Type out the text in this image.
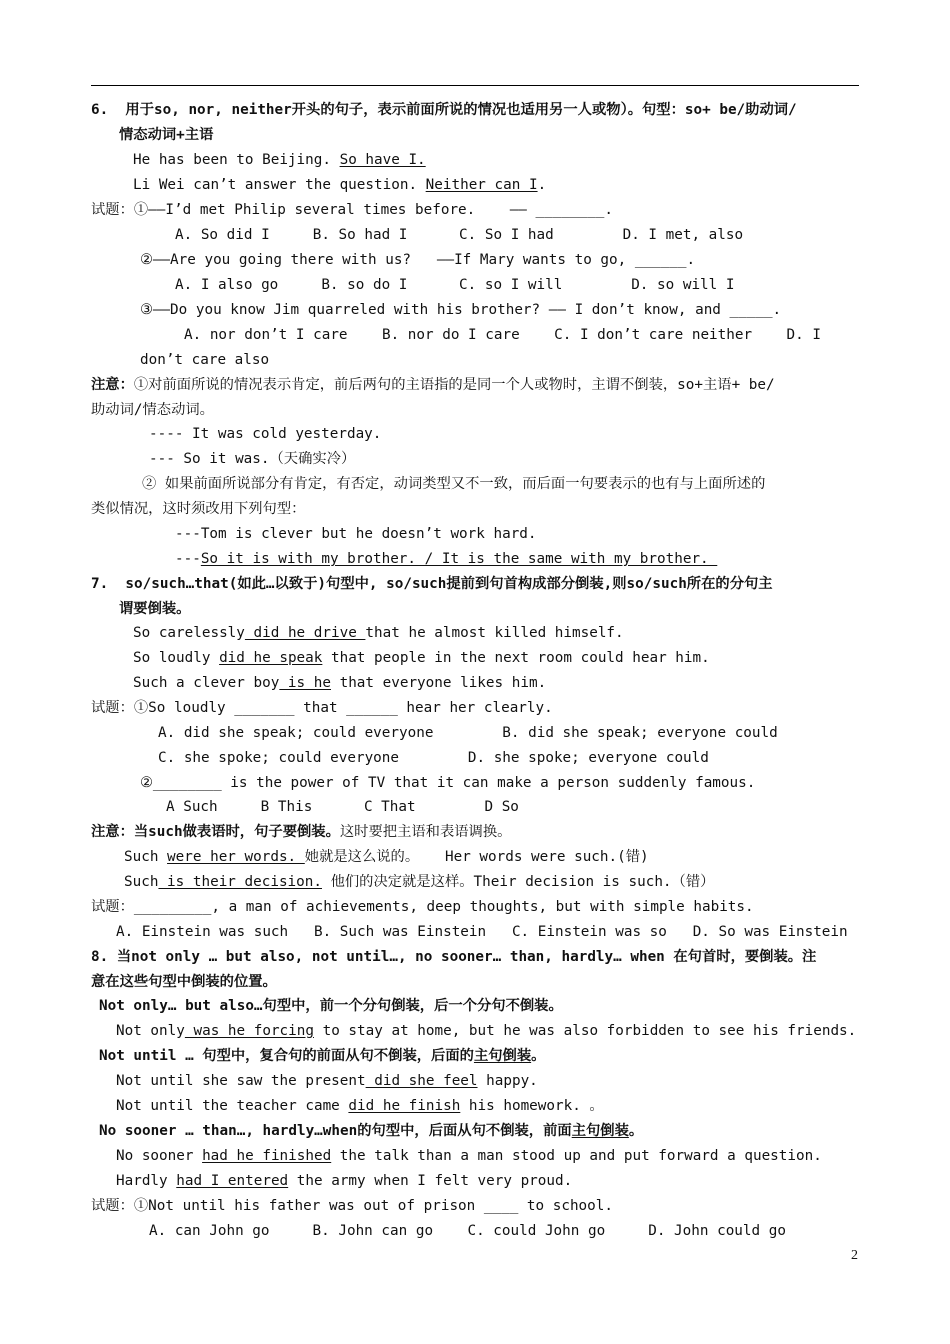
6.  用于so, nor, neither开头的句子，表示前面所说的情况也适用另一人或物）。句型：so+ be/助动词/
情态动词+主语
He has been to Beijing. So have I.
Li Wei can’t answer the question. Neither can I.
试题：①——I’d met Philip several times before.    —— ________.
A. So did I     B. So had I      C. So I had        D. I met, also
②——Are you going there with us?   ——If Mary wants to go, ______.
A. I also go     B. so do I      C. so I will        D. so will I
③——Do you know Jim quarreled with his brother? —— I don’t know, and _____.
A. nor don’t I care    B. nor do I care    C. I don’t care neither    D. I
don’t care also
注意：①对前面所说的情况表示肯定，前后两句的主语指的是同一个人或物时，主谓不倒装，so+主语+ be/
助动词/情态动词。
---- It was cold yesterday.
--- So it was.（天确实冷）
② 如果前面所说部分有肯定，有否定，动词类型又不一致，而后面一句要表示的也有与上面所述的
类似情况，这时须改用下列句型：
---Tom is clever but he doesn’t work hard.
---So it is with my brother. / It is the same with my brother.
7.  so/such…that(如此…以致于)句型中, so/such提前到句首构成部分倒装,则so/such所在的分句主
谓要倒装。
So carelessly did he drive that he almost killed himself.
So loudly did he speak that people in the next room could hear him.
Such a clever boy is he that everyone likes him.
试题：①So loudly _______ that ______ hear her clearly.
A. did she speak; could everyone        B. did she speak; everyone could
C. she spoke; could everyone        D. she spoke; everyone could
②________ is the power of TV that it can make a person suddenly famous.
A Such     B This      C That        D So
注意：当such做表语时，句子要倒装。这时要把主语和表语调换。
Such were her words. 她就是这么说的。   Her words were such.(错)
Such is their decision. 他们的决定就是这样。Their decision is such.（错）
试题：_________, a man of achievements, deep thoughts, but with simple habits.
A. Einstein was such   B. Such was Einstein   C. Einstein was so   D. So was Einstein
8. 当not only … but also, not until…, no sooner… than, hardly… when 在句首时，要倒装。注
意在这些句型中倒装的位置。
Not only… but also…句型中，前一个分句倒装，后一个分句不倒装。
Not only was he forcing to stay at home, but he was also forbidden to see his friends.
Not until … 句型中，复合句的前面从句不倒装，后面的主句倒装。
Not until she saw the present did she feel happy.
Not until the teacher came did he finish his homework. 。
No sooner … than…, hardly…when的句型中，后面从句不倒装，前面主句倒装。
No sooner had he finished the talk than a man stood up and put forward a question.
Hardly had I entered the army when I felt very proud.
试题：①Not until his father was out of prison ____ to school.
A. can John go     B. John can go    C. could John go     D. John could go
2
